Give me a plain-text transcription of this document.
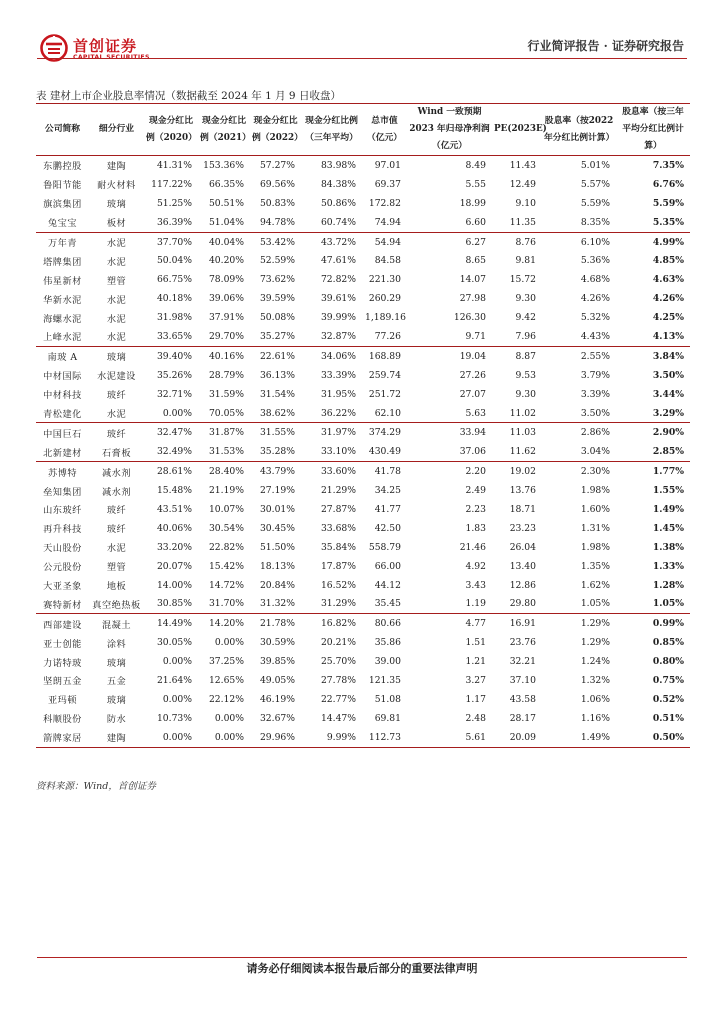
首创证券
CAPITAL SECURITIES
行业简评报告 · 证券研究报告
表 建材上市企业股息率情况（数据截至 2024 年 1 月 9 日收盘）
公司简称	细分行业	现金分红比例（2020）	现金分红比例（2021）	现金分红比例（2022）	现金分红比例（三年平均）	总市值（亿元）	Wind 一致预期 2023 年归母净利润（亿元）	PE(2023E)	股息率（按2022 年分红比例计算）	股息率（按三年平均分红比例计算）
东鹏控股	建陶	41.31%	153.36%	57.27%	83.98%	97.01	8.49	11.43	5.01%	7.35%
鲁阳节能	耐火材料	117.22%	66.35%	69.56%	84.38%	69.37	5.55	12.49	5.57%	6.76%
旗滨集团	玻璃	51.25%	50.51%	50.83%	50.86%	172.82	18.99	9.10	5.59%	5.59%
兔宝宝	板材	36.39%	51.04%	94.78%	60.74%	74.94	6.60	11.35	8.35%	5.35%
万年青	水泥	37.70%	40.04%	53.42%	43.72%	54.94	6.27	8.76	6.10%	4.99%
塔牌集团	水泥	50.04%	40.20%	52.59%	47.61%	84.58	8.65	9.81	5.36%	4.85%
伟星新材	塑管	66.75%	78.09%	73.62%	72.82%	221.30	14.07	15.72	4.68%	4.63%
华新水泥	水泥	40.18%	39.06%	39.59%	39.61%	260.29	27.98	9.30	4.26%	4.26%
海螺水泥	水泥	31.98%	37.91%	50.08%	39.99%	1,189.16	126.30	9.42	5.32%	4.25%
上峰水泥	水泥	33.65%	29.70%	35.27%	32.87%	77.26	9.71	7.96	4.43%	4.13%
南玻 A	玻璃	39.40%	40.16%	22.61%	34.06%	168.89	19.04	8.87	2.55%	3.84%
中材国际	水泥建设	35.26%	28.79%	36.13%	33.39%	259.74	27.26	9.53	3.79%	3.50%
中材科技	玻纤	32.71%	31.59%	31.54%	31.95%	251.72	27.07	9.30	3.39%	3.44%
青松建化	水泥	0.00%	70.05%	38.62%	36.22%	62.10	5.63	11.02	3.50%	3.29%
中国巨石	玻纤	32.47%	31.87%	31.55%	31.97%	374.29	33.94	11.03	2.86%	2.90%
北新建材	石膏板	32.49%	31.53%	35.28%	33.10%	430.49	37.06	11.62	3.04%	2.85%
苏博特	减水剂	28.61%	28.40%	43.79%	33.60%	41.78	2.20	19.02	2.30%	1.77%
垒知集团	减水剂	15.48%	21.19%	27.19%	21.29%	34.25	2.49	13.76	1.98%	1.55%
山东玻纤	玻纤	43.51%	10.07%	30.01%	27.87%	41.77	2.23	18.71	1.60%	1.49%
再升科技	玻纤	40.06%	30.54%	30.45%	33.68%	42.50	1.83	23.23	1.31%	1.45%
天山股份	水泥	33.20%	22.82%	51.50%	35.84%	558.79	21.46	26.04	1.98%	1.38%
公元股份	塑管	20.07%	15.42%	18.13%	17.87%	66.00	4.92	13.40	1.35%	1.33%
大亚圣象	地板	14.00%	14.72%	20.84%	16.52%	44.12	3.43	12.86	1.62%	1.28%
赛特新材	真空绝热板	30.85%	31.70%	31.32%	31.29%	35.45	1.19	29.80	1.05%	1.05%
西部建设	混凝土	14.49%	14.20%	21.78%	16.82%	80.66	4.77	16.91	1.29%	0.99%
亚士创能	涂料	30.05%	0.00%	30.59%	20.21%	35.86	1.51	23.76	1.29%	0.85%
力诺特玻	玻璃	0.00%	37.25%	39.85%	25.70%	39.00	1.21	32.21	1.24%	0.80%
坚朗五金	五金	21.64%	12.65%	49.05%	27.78%	121.35	3.27	37.10	1.32%	0.75%
亚玛顿	玻璃	0.00%	22.12%	46.19%	22.77%	51.08	1.17	43.58	1.06%	0.52%
科顺股份	防水	10.73%	0.00%	32.67%	14.47%	69.81	2.48	28.17	1.16%	0.51%
箭牌家居	建陶	0.00%	0.00%	29.96%	9.99%	112.73	5.61	20.09	1.49%	0.50%
资料来源：Wind，首创证券
请务必仔细阅读本报告最后部分的重要法律声明
